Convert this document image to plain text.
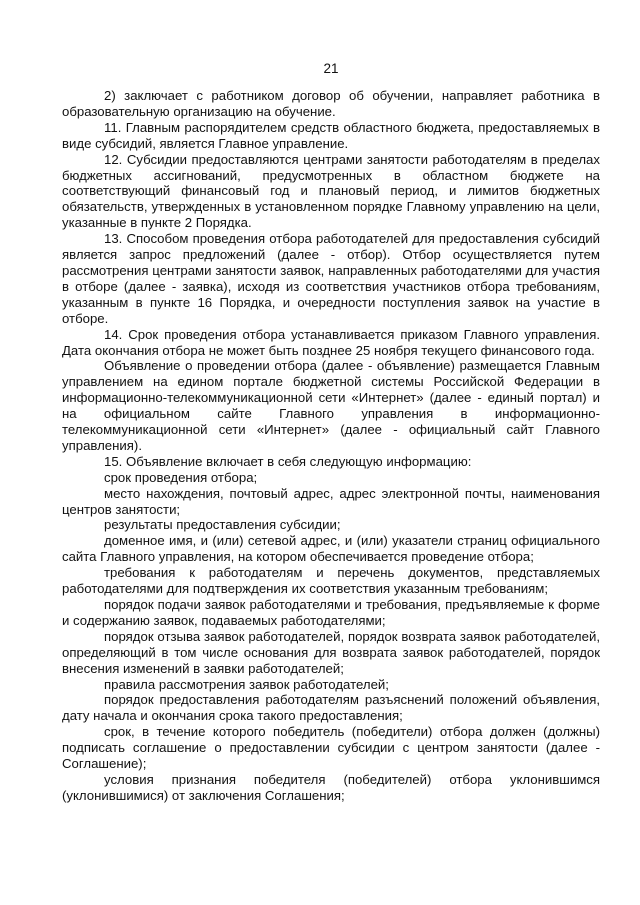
21

2) заключает с работником договор об обучении, направляет работника в образовательную организацию на обучение.

11. Главным распорядителем средств областного бюджета, предоставляемых в виде субсидий, является Главное управление.

12. Субсидии предоставляются центрами занятости работодателям в пределах бюджетных ассигнований, предусмотренных в областном бюджете на соответствующий финансовый год и плановый период, и лимитов бюджетных обязательств, утвержденных в установленном порядке Главному управлению на цели, указанные в пункте 2 Порядка.

13. Способом проведения отбора работодателей для предоставления субсидий является запрос предложений (далее - отбор). Отбор осуществляется путем рассмотрения центрами занятости заявок, направленных работодателями для участия в отборе (далее - заявка), исходя из соответствия участников отбора требованиям, указанным в пункте 16 Порядка, и очередности поступления заявок на участие в отборе.

14. Срок проведения отбора устанавливается приказом Главного управления. Дата окончания отбора не может быть позднее 25 ноября текущего финансового года.

Объявление о проведении отбора (далее - объявление) размещается Главным управлением на едином портале бюджетной системы Российской Федерации в информационно-телекоммуникационной сети «Интернет» (далее - единый портал) и на официальном сайте Главного управления в информационно-телекоммуникационной сети «Интернет» (далее - официальный сайт Главного управления).

15. Объявление включает в себя следующую информацию:

срок проведения отбора;

место нахождения, почтовый адрес, адрес электронной почты, наименования центров занятости;

результаты предоставления субсидии;

доменное имя, и (или) сетевой адрес, и (или) указатели страниц официального сайта Главного управления, на котором обеспечивается проведение отбора;

требования к работодателям и перечень документов, представляемых работодателями для подтверждения их соответствия указанным требованиям;

порядок подачи заявок работодателями и требования, предъявляемые к форме и содержанию заявок, подаваемых работодателями;

порядок отзыва заявок работодателей, порядок возврата заявок работодателей, определяющий в том числе основания для возврата заявок работодателей, порядок внесения изменений в заявки работодателей;

правила рассмотрения заявок работодателей;

порядок предоставления работодателям разъяснений положений объявления, дату начала и окончания срока такого предоставления;

срок, в течение которого победитель (победители) отбора должен (должны) подписать соглашение о предоставлении субсидии с центром занятости (далее - Соглашение);

условия признания победителя (победителей) отбора уклонившимся (уклонившимися) от заключения Соглашения;
